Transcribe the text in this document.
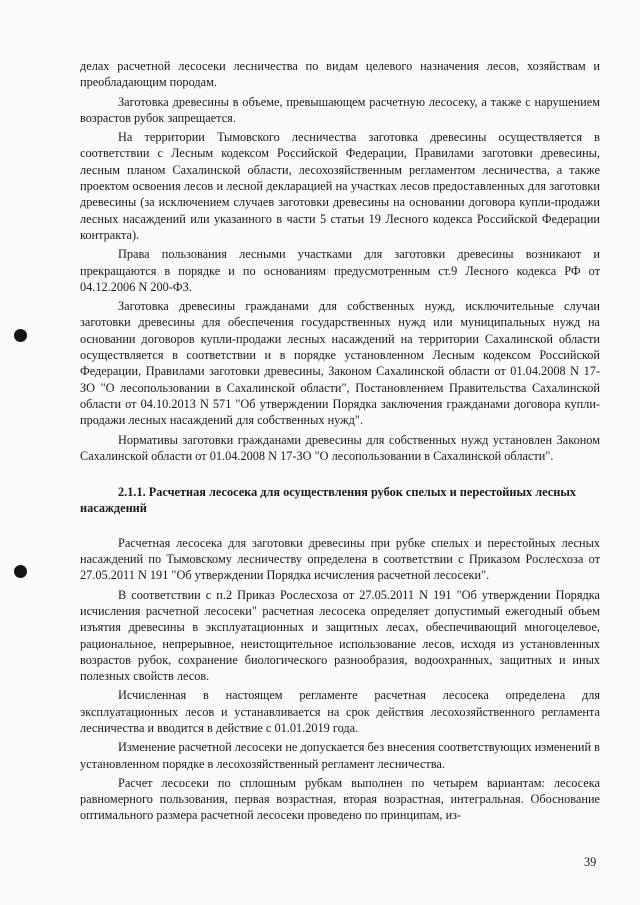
делах расчетной лесосеки лесничества по видам целевого назначения лесов, хозяйствам и преобладающим породам.

Заготовка древесины в объеме, превышающем расчетную лесосеку, а также с нарушением возрастов рубок запрещается.

На территории Тымовского лесничества заготовка древесины осуществляется в соответствии с Лесным кодексом Российской Федерации, Правилами заготовки древесины, лесным планом Сахалинской области, лесохозяйственным регламентом лесничества, а также проектом освоения лесов и лесной декларацией на участках лесов предоставленных для заготовки древесины (за исключением случаев заготовки древесины на основании договора купли-продажи лесных насаждений или указанного в части 5 статьи 19 Лесного кодекса Российской Федерации контракта).

Права пользования лесными участками для заготовки древесины возникают и прекращаются в порядке и по основаниям предусмотренным ст.9 Лесного кодекса РФ от 04.12.2006 N 200-ФЗ.

Заготовка древесины гражданами для собственных нужд, исключительные случаи заготовки древесины для обеспечения государственных нужд или муниципальных нужд на основании договоров купли-продажи лесных насаждений на территории Сахалинской области осуществляется в соответствии и в порядке установленном Лесным кодексом Российской Федерации, Правилами заготовки древесины, Законом Сахалинской области от 01.04.2008 N 17-ЗО "О лесопользовании в Сахалинской области", Постановлением Правительства Сахалинской области от 04.10.2013 N 571 "Об утверждении Порядка заключения гражданами договора купли-продажи лесных насаждений для собственных нужд".

Нормативы заготовки гражданами древесины для собственных нужд установлен Законом Сахалинской области от 01.04.2008 N 17-ЗО "О лесопользовании в Сахалинской области".

2.1.1. Расчетная лесосека для осуществления рубок спелых и перестойных лесных насаждений

Расчетная лесосека для заготовки древесины при рубке спелых и перестойных лесных насаждений по Тымовскому лесничеству определена в соответствии с Приказом Рослесхоза от 27.05.2011 N 191 "Об утверждении Порядка исчисления расчетной лесосеки".

В соответствии с п.2 Приказ Рослесхоза от 27.05.2011 N 191 "Об утверждении Порядка исчисления расчетной лесосеки" расчетная лесосека определяет допустимый ежегодный объем изъятия древесины в эксплуатационных и защитных лесах, обеспечивающий многоцелевое, рациональное, непрерывное, неистощительное использование лесов, исходя из установленных возрастов рубок, сохранение биологического разнообразия, водоохранных, защитных и иных полезных свойств лесов.

Исчисленная в настоящем регламенте расчетная лесосека определена для эксплуатационных лесов и устанавливается на срок действия лесохозяйственного регламента лесничества и вводится в действие с 01.01.2019 года.

Изменение расчетной лесосеки не допускается без внесения соответствующих изменений в установленном порядке в лесохозяйственный регламент лесничества.

Расчет лесосеки по сплошным рубкам выполнен по четырем вариантам: лесосека равномерного пользования, первая возрастная, вторая возрастная, интегральная. Обоснование оптимального размера расчетной лесосеки проведено по принципам, из-

39
